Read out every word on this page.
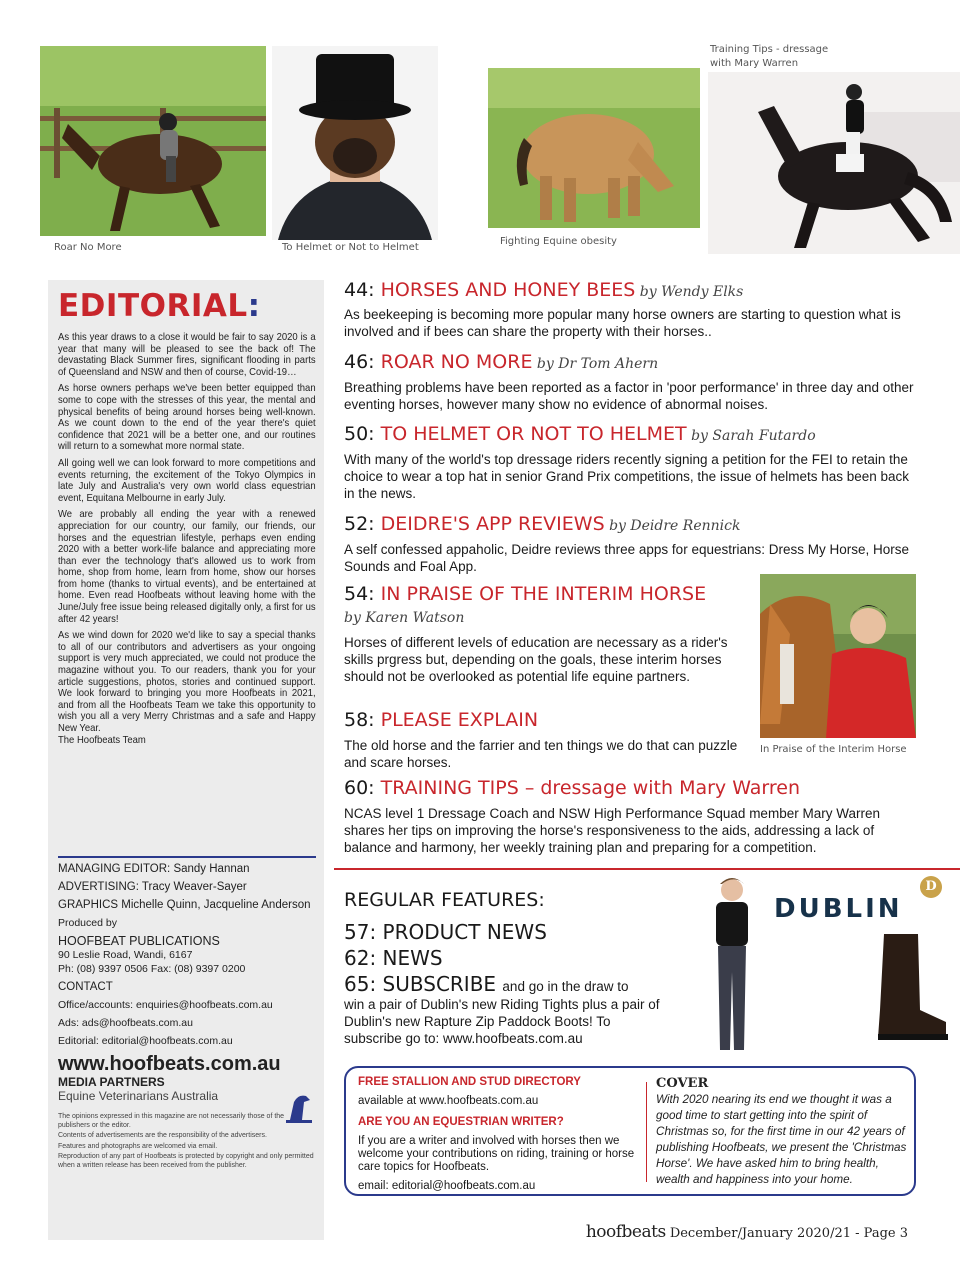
Roar No More	To Helmet or Not to Helmet
Fighting Equine obesity
Training Tips - dressage
with Mary Warren
EDITORIAL:

As this year draws to a close it would be fair to say 2020 is a year that many will be pleased to see the back of! The devastating Black Summer fires, significant flooding in parts of Queensland and NSW and then of course, Covid-19…

As horse owners perhaps we've been better equipped than some to cope with the stresses of this year, the mental and physical benefits of being around horses being well-known. As we count down to the end of the year there's quiet confidence that 2021 will be a better one, and our routines will return to a somewhat more normal state.

All going well we can look forward to more competitions and events returning, the excitement of the Tokyo Olympics in late July and Australia's very own world class equestrian event, Equitana Melbourne in early July.

We are probably all ending the year with a renewed appreciation for our country, our family, our friends, our horses and the equestrian lifestyle, perhaps even ending 2020 with a better work-life balance and appreciating more than ever the technology that's allowed us to work from home, shop from home, learn from home, show our horses from home (thanks to virtual events), and be entertained at home. Even read Hoofbeats without leaving home with the June/July free issue being released digitally only, a first for us after 42 years!

As we wind down for 2020 we'd like to say a special thanks to all of our contributors and advertisers as your ongoing support is very much appreciated, we could not produce the magazine without you. To our readers, thank you for your article suggestions, photos, stories and continued support. We look forward to bringing you more Hoofbeats in 2021, and from all the Hoofbeats Team we take this opportunity to wish you all a very Merry Christmas and a safe and Happy New Year.

The Hoofbeats Team

MANAGING EDITOR: Sandy Hannan
ADVERTISING: Tracy Weaver-Sayer
GRAPHICS Michelle Quinn, Jacqueline Anderson
Produced by
HOOFBEAT PUBLICATIONS
90 Leslie Road, Wandi, 6167
Ph: (08) 9397 0506 Fax: (08) 9397 0200
CONTACT
Office/accounts: enquiries@hoofbeats.com.au
Ads: ads@hoofbeats.com.au
Editorial: editorial@hoofbeats.com.au
www.hoofbeats.com.au
MEDIA PARTNERS
Equine Veterinarians Australia

The opinions expressed in this magazine are not necessarily those of the publishers or the editor.

Contents of advertisements are the responsibility of the advertisers.

Features and photographs are welcomed via email.

Reproduction of any part of Hoofbeats is protected by copyright and only permitted when a written release has been received from the publisher.

44: HORSES AND HONEY BEES by Wendy Elks
As beekeeping is becoming more popular many horse owners are starting to question what is involved and if bees can share the property with their horses..
46: ROAR NO MORE by Dr Tom Ahern
Breathing problems have been reported as a factor in 'poor performance' in three day and other eventing horses, however many show no evidence of abnormal noises.
50: TO HELMET OR NOT TO HELMET by Sarah Futardo
With many of the world's top dressage riders recently signing a petition for the FEI to retain the choice to wear a top hat in senior Grand Prix competitions, the issue of helmets has been back in the news.
52: DEIDRE'S APP REVIEWS by Deidre Rennick
A self confessed appaholic, Deidre reviews three apps for equestrians: Dress My Horse, Horse Sounds and Foal App.
54: IN PRAISE OF THE INTERIM HORSE
by Karen Watson
Horses of different levels of education are necessary as a rider's skills prgress but, depending on the goals, these interim horses should not be overlooked as potential life equine partners.
In Praise of the Interim Horse
58: PLEASE EXPLAIN
The old horse and the farrier and ten things we do that can puzzle and scare horses.
60: TRAINING TIPS – dressage with Mary Warren
NCAS level 1 Dressage Coach and NSW High Performance Squad member Mary Warren shares her tips on improving the horse's responsiveness to the aids, addressing a lack of balance and harmony, her weekly training plan and preparing for a competition.
REGULAR FEATURES:
57: PRODUCT NEWS
62: NEWS
65: SUBSCRIBE and go in the draw to
win a pair of Dublin's new Riding Tights plus a pair of Dublin's new Rapture Zip Paddock Boots! To subscribe go to: www.hoofbeats.com.au
DUBLIN
D
FREE STALLION AND STUD DIRECTORY
available at www.hoofbeats.com.au
ARE YOU AN EQUESTRIAN WRITER?
If you are a writer and involved with horses then we welcome your contributions on riding, training or horse care topics for Hoofbeats.
email: editorial@hoofbeats.com.au
COVER
With 2020 nearing its end we thought it was a good time to start getting into the spirit of Christmas so, for the first time in our 42 years of publishing Hoofbeats, we present the 'Christmas Horse'. We have asked him to bring health, wealth and happiness into your home.
hoofbeats December/January 2020/21 - Page 3
